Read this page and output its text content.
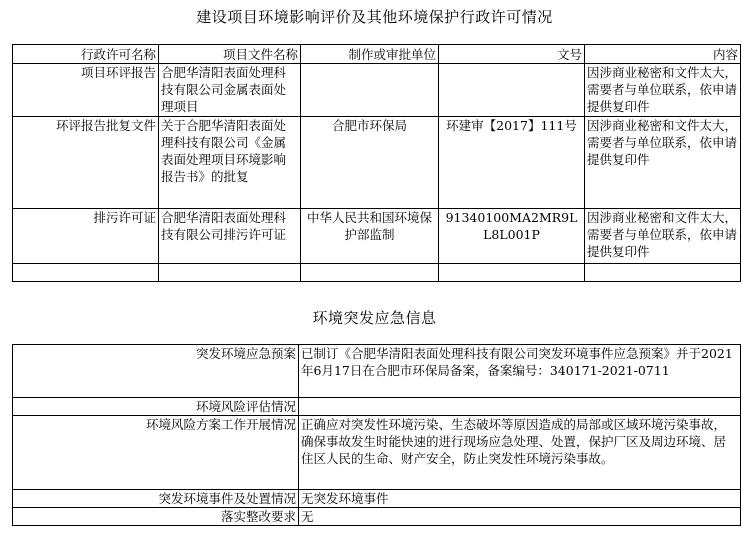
建设项目环境影响评价及其他环境保护行政许可情况
行政许可名称	项目文件名称	制作或审批单位	文号	内容
项目环评报告	合肥华清阳表面处理科技有限公司金属表面处理项目			因涉商业秘密和文件太大，需要者与单位联系，依申请提供复印件
环评报告批复文件	关于合肥华清阳表面处理科技有限公司《金属表面处理项目环境影响报告书》的批复	合肥市环保局	环建审【2017】111号	因涉商业秘密和文件太大，需要者与单位联系，依申请提供复印件
排污许可证	合肥华清阳表面处理科技有限公司排污许可证	中华人民共和国环境保护部监制	91340100MA2MR9L L8L001P	因涉商业秘密和文件太大，需要者与单位联系，依申请提供复印件

环境突发应急信息
突发环境应急预案	已制订《合肥华清阳表面处理科技有限公司突发环境事件应急预案》并于2021年6月17日在合肥市环保局备案，备案编号：340171-2021-0711
环境风险评估情况	
环境风险方案工作开展情况	正确应对突发性环境污染、生态破坏等原因造成的局部或区域环境污染事故，确保事故发生时能快速的进行现场应急处理、处置，保护厂区及周边环境、居住区人民的生命、财产安全，防止突发性环境污染事故。
突发环境事件及处置情况	无突发环境事件
落实整改要求	无
